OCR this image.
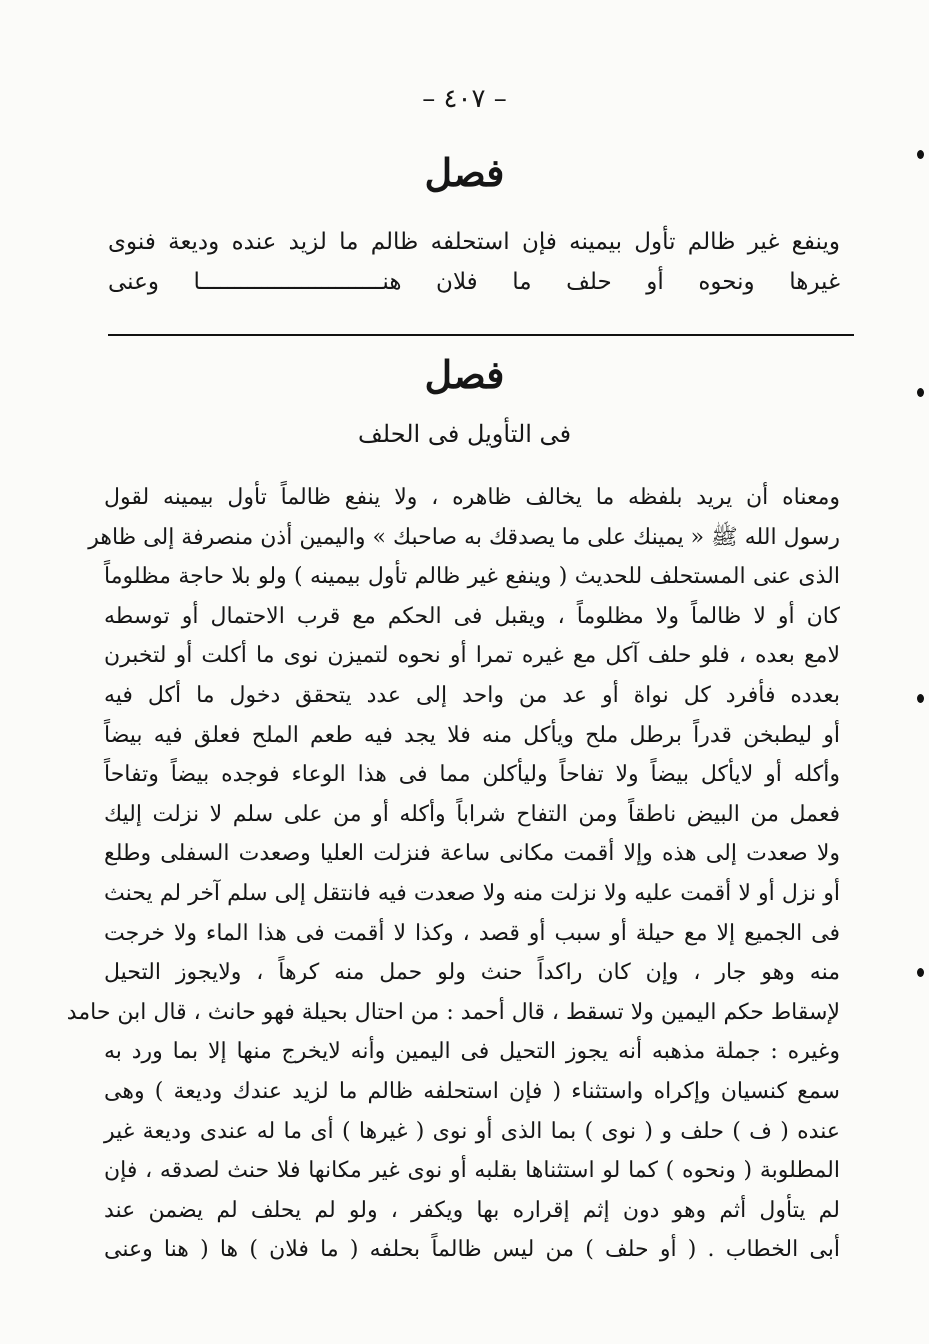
– ٤٠٧ –
فصل
وينفع غير ظالم تأول بيمينه فإن استحلفه ظالم ما لزيد عنده وديعة فنوى
غيرها ونحوه أو حلف ما فلان هنـــــــــــــــــــــــــــا وعنى
فصل
فى التأويل فى الحلف
ومعناه أن يريد بلفظه ما يخالف ظاهره ، ولا ينفع ظالماً تأول بيمينه لقول
رسول الله ﷺ « يمينك على ما يصدقك به صاحبك » واليمين أذن منصرفة إلى ظاهر
الذى عنى المستحلف للحديث ( وينفع غير ظالم تأول بيمينه ) ولو بلا حاجة مظلوماً
كان أو لا ظالماً ولا مظلوماً ، ويقبل فى الحكم مع قرب الاحتمال أو توسطه
لامع بعده ، فلو حلف آكل مع غيره تمرا أو نحوه لتميزن نوى ما أكلت أو لتخبرن
بعدده فأفرد كل نواة أو عد من واحد إلى عدد يتحقق دخول ما أكل فيه
أو ليطبخن قدراً برطل ملح ويأكل منه فلا يجد فيه طعم الملح فعلق فيه بيضاً
وأكله أو لايأكل بيضاً ولا تفاحاً وليأكلن مما فى هذا الوعاء فوجده بيضاً وتفاحاً
فعمل من البيض ناطقاً ومن التفاح شراباً وأكله أو من على سلم لا نزلت إليك
ولا صعدت إلى هذه وإلا أقمت مكانى ساعة فنزلت العليا وصعدت السفلى وطلع
أو نزل أو لا أقمت عليه ولا نزلت منه ولا صعدت فيه فانتقل إلى سلم آخر لم يحنث
فى الجميع إلا مع حيلة أو سبب أو قصد ، وكذا لا أقمت فى هذا الماء ولا خرجت
منه وهو جار ، وإن كان راكداً حنث ولو حمل منه كرهاً ، ولايجوز التحيل
لإسقاط حكم اليمين ولا تسقط ، قال أحمد : من احتال بحيلة فهو حانث ، قال ابن حامد
وغيره : جملة مذهبه أنه يجوز التحيل فى اليمين وأنه لايخرج منها إلا بما ورد به
سمع كنسيان وإكراه واستثناء ( فإن استحلفه ظالم ما لزيد عندك وديعة ) وهى
عنده ( ف ) حلف و ( نوى ) بما الذى أو نوى ( غيرها ) أى ما له عندى وديعة غير
المطلوبة ( ونحوه ) كما لو استثناها بقلبه أو نوى غير مكانها فلا حنث لصدقه ، فإن
لم يتأول أثم وهو دون إثم إقراره بها ويكفر ، ولو لم يحلف لم يضمن عند
أبى الخطاب . ( أو حلف ) من ليس ظالماً بحلفه ( ما فلان ) ها ( هنا وعنى
